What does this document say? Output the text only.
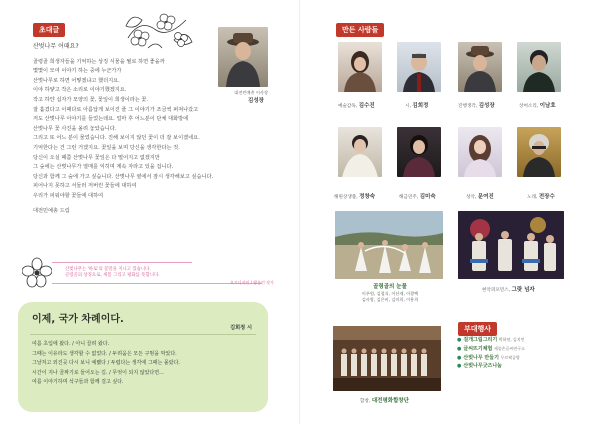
초대글

산벚나무 어때요?

골령골 희생자들을 기억하는 상징 식물을 뭘로 하면 좋을까

몇몇이 모여 이야기 하는 중에 누군가가

산벚나무로 하면 어떻겠냐고 했더지요.

이야 하얗고 작은 소리로 이야기했겠지요.

작고 하얀 십자가 모양의 꽃, 꽃잎이 희생이라는 꽃.

잘 흩겼다고 이때다로 아름답게 보이진 줄 그 이야기가 조금씩 퍼져나갔고

저도 산벚나무 이야기를 들었는데요. 얼마 후 어느분이 단체 대화방에

산벚나무 꽃 사진을 올려 놓았습니다.

그리고 또 어느 분이 물었습니다. 진해 보이지 않던 꽃이 더 잘 보이겠네요.

기억한다는 건 그런 거겠지요. 꽃잎을 보며 당신을 생각한다는 것.

당신이 오실 때쯤 산벚나무 꽃잎은 다 떨어지고 없겠지만

그 숲에는 산벚나무가 열매를 익히며 계속 자라고 있을 겁니다.

당신과 함께 그 숲에 가고 싶습니다. 산벚나무 옆에서 잠시 생각해보고 싶습니다.

피어나지 못하고 서둘러 저버린 꽃들에 대하여

우리가 피워야할 꽃들에 대하여

대전민예총 드림

대전민예총 이사장
김성장

산벚나무는 '하로'의 꽃말을 지니고 있습니다.

골령골의 상징으로, 새봄 그리고 평화를 뜻합니다.

오프디자인 / 왕롱린 작가
이제, 국가 차례이다.
김희정 시

여름 초입에 왔다. / 아니 끌려 왔다.

그때는 이유라도 생각할 수 없었다. / 두려움은 모든 구멍을 막았다.

그날처고 외진곳 다시 보니 예뻤다 / 두렵다는 생각에 그때는 몰랐다.

시간이 지나 골짜기로 들어오는 길. / 무엇이 되지 않았다면...

여름 이야기하며 석구들과 함께 걸고 싶다.

만든 사람들
예술감독, 김수진	시, 김희정	진행생각, 김성장	상여소리, 이남호
해원상생춤, 정창숙	해금연주, 김미숙	성악, 문여진	노래, 전장수
골령골의 눈물
이주원, 김철식, 이산제, 이광택
김사랑, 김은비, 김미희, 이용희
현악퍼포먼스, 그랏 넘자
합창, 대전평화합창단
부대행사
● 걸개그림그리기 박하연, 김지민
● 글씨뜨기체험 세종손글씨연구소
● 산벚나무 만들기 무르팍공방
● 산벚나무굿즈나눔
